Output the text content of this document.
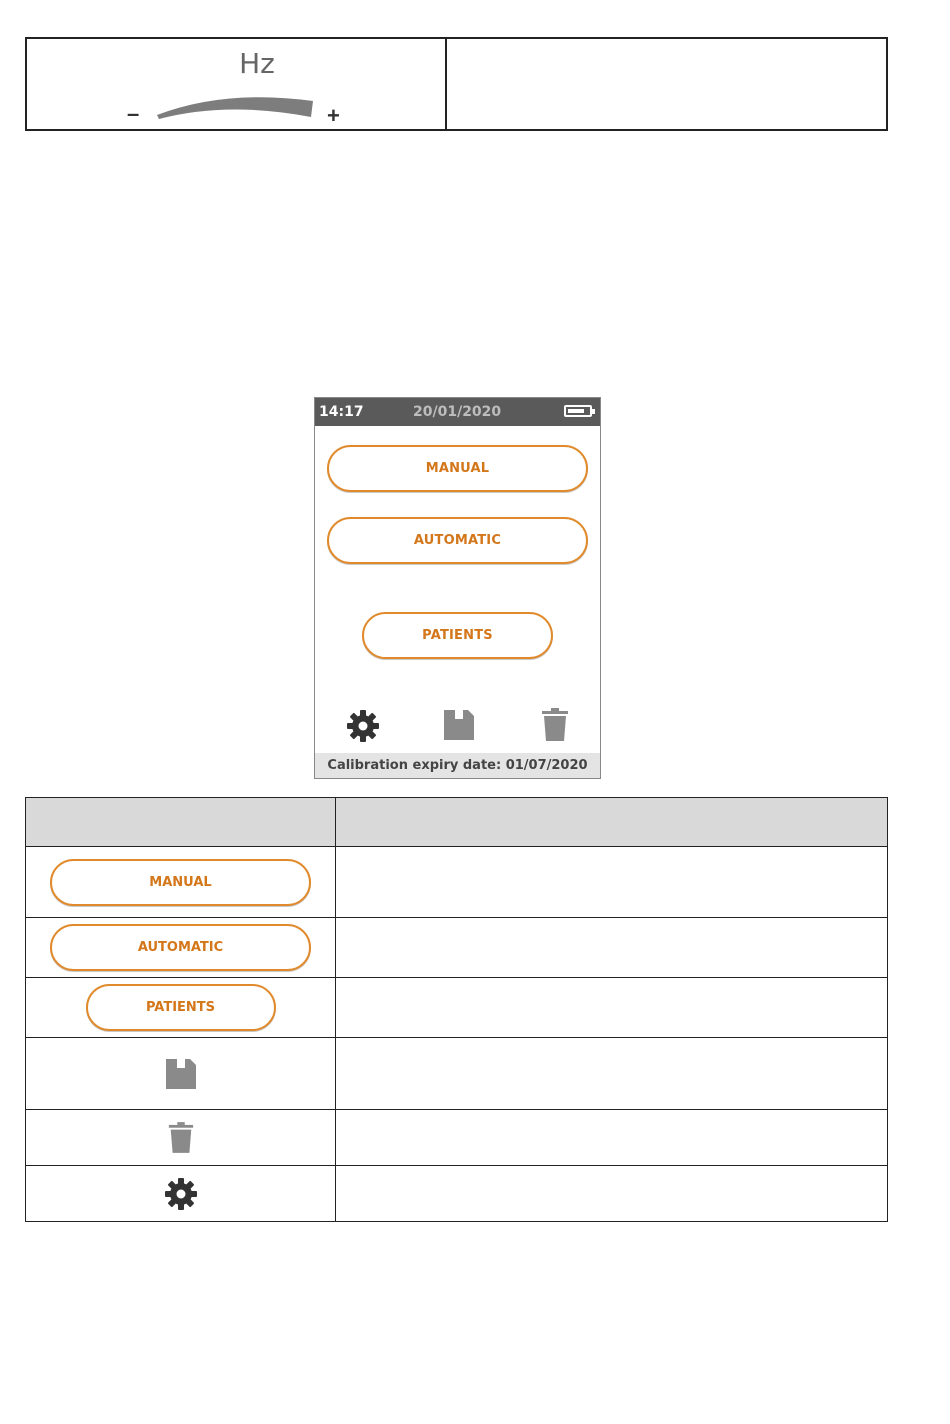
Hz
–	+
14:17	20/01/2020
MANUAL
AUTOMATIC
PATIENTS
Calibration expiry date: 01/07/2020

MANUAL	

AUTOMATIC	

PATIENTS	
